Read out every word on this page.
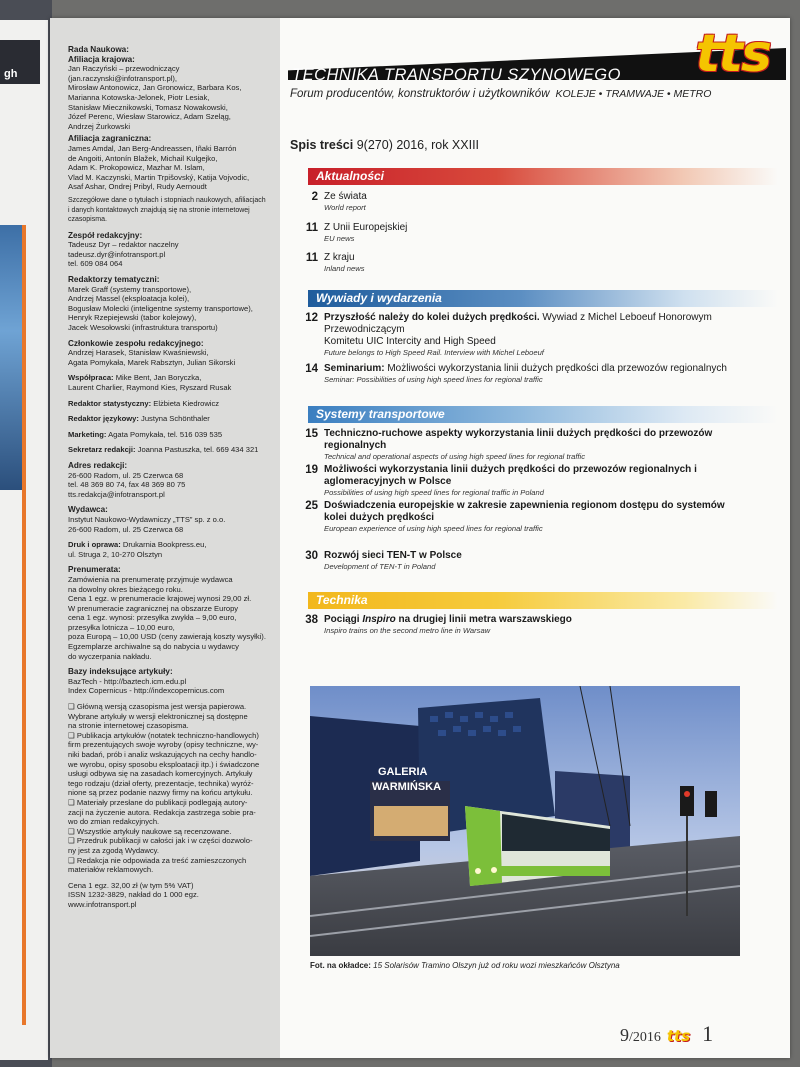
gh
Rada Naukowa:
Afiliacja krajowa:
Jan Raczyński – przewodniczący
(jan.raczynski@infotransport.pl),
Mirosław Antonowicz, Jan Gronowicz, Barbara Kos,
Marianna Kotowska-Jelonek, Piotr Lesiak,
Stanisław Miecznikowski, Tomasz Nowakowski,
Józef Perenc, Wiesław Starowicz, Adam Szeląg,
Andrzej Żurkowski
Afiliacja zagraniczna:
James Amdal, Jan Berg-Andreassen, Iñaki Barrón
de Angoiti, Antonín Blažek, Michail Kulgejko,
Adam K. Prokopowicz, Mazhar M. Islam,
Vlad M. Kaczynski, Martin Trpišovský, Katija Vojvodic,
Asaf Ashar, Ondrej Pribyl, Rudy Aernoudt
Szczegółowe dane o tytułach i stopniach naukowych, afiliacjach
i danych kontaktowych znajdują się na stronie internetowej
czasopisma.
Zespół redakcyjny:
Tadeusz Dyr – redaktor naczelny
tadeusz.dyr@infotransport.pl
tel. 609 084 064
Redaktorzy tematyczni:
Marek Graff (systemy transportowe),
Andrzej Massel (eksploatacja kolei),
Bogusław Molecki (inteligentne systemy transportowe),
Henryk Rzepiejewski (tabor kolejowy),
Jacek Wesołowski (infrastruktura transportu)
Członkowie zespołu redakcyjnego:
Andrzej Harasek, Stanisław Kwaśniewski,
Agata Pomykała, Marek Rabsztyn, Julian Sikorski
Współpraca: Mike Bent, Jan Boryczka,
Laurent Charlier, Raymond Kies, Ryszard Rusak
Redaktor statystyczny: Elżbieta Kiedrowicz
Redaktor językowy: Justyna Schönthaler
Marketing: Agata Pomykała, tel. 516 039 535
Sekretarz redakcji: Joanna Pastuszka, tel. 669 434 321
Adres redakcji:
26-600 Radom, ul. 25 Czerwca 68
tel. 48 369 80 74, fax 48 369 80 75
tts.redakcja@infotransport.pl
Wydawca:
Instytut Naukowo-Wydawniczy „TTS” sp. z o.o.
26-600 Radom, ul. 25 Czerwca 68
Druk i oprawa: Drukarnia Bookpress.eu,
ul. Struga 2, 10-270 Olsztyn
Prenumerata:
Zamówienia na prenumeratę przyjmuje wydawca
na dowolny okres bieżącego roku.
Cena 1 egz. w prenumeracie krajowej wynosi 29,00 zł.
W prenumeracie zagranicznej na obszarze Europy
cena 1 egz. wynosi: przesyłka zwykła – 9,00 euro,
przesyłka lotnicza – 10,00 euro,
poza Europą – 10,00 USD (ceny zawierają koszty wysyłki).
Egzemplarze archiwalne są do nabycia u wydawcy
do wyczerpania nakładu.
Bazy indeksujące artykuły:
BazTech - http://baztech.icm.edu.pl
Index Copernicus - http://indexcopernicus.com
❑ Główną wersją czasopisma jest wersja papierowa.
Wybrane artykuły w wersji elektronicznej są dostępne
na stronie internetowej czasopisma.
❑ Publikacja artykułów (notatek techniczno-handlowych)
firm prezentujących swoje wyroby (opisy techniczne, wy-
niki badań, prób i analiz wskazujących na cechy handlo-
we wyrobu, opisy sposobu eksploatacji itp.) i świadczone
usługi odbywa się na zasadach komercyjnych. Artykuły
tego rodzaju (dział oferty, prezentacje, technika) wyróż-
nione są przez podanie nazwy firmy na końcu artykułu.
❑ Materiały przesłane do publikacji podlegają autory-
zacji na życzenie autora. Redakcja zastrzega sobie pra-
wo do zmian redakcyjnych.
❑ Wszystkie artykuły naukowe są recenzowane.
❑ Przedruk publikacji w całości jak i w części dozwolo-
ny jest za zgodą Wydawcy.
❑ Redakcja nie odpowiada za treść zamieszczonych
materiałów reklamowych.
Cena 1 egz. 32,00 zł (w tym 5% VAT)
ISSN 1232-3829, nakład do 1 000 egz.
www.infotransport.pl
TECHNIKA TRANSPORTU SZYNOWEGO tts
Forum producentów, konstruktorów i użytkowników KOLEJE • TRAMWAJE • METRO
Spis treści 9(270) 2016, rok XXIII
Aktualności
2 Ze świata
World report
11 Z Unii Europejskiej
EU news
11 Z kraju
Inland news
Wywiady i wydarzenia
12 Przyszłość należy do kolei dużych prędkości. Wywiad z Michel Leboeuf Honorowym Przewodniczącym
Komitetu UIC Intercity and High Speed
Future belongs to High Speed Rail. Interview with Michel Leboeuf
14 Seminarium: Możliwości wykorzystania linii dużych prędkości dla przewozów regionalnych
Seminar: Possibilities of using high speed lines for regional traffic
Systemy transportowe
15 Techniczno-ruchowe aspekty wykorzystania linii dużych prędkości do przewozów regionalnych
Technical and operational aspects of using high speed lines for regional traffic
19 Możliwości wykorzystania linii dużych prędkości do przewozów regionalnych i aglomeracyjnych w Polsce
Possibilities of using high speed lines for regional traffic in Poland
25 Doświadczenia europejskie w zakresie zapewnienia regionom dostępu do systemów
kolei dużych prędkości
European experience of using high speed lines for regional traffic
30 Rozwój sieci TEN-T w Polsce
Development of TEN-T in Poland
Technika
38 Pociągi Inspiro na drugiej linii metra warszawskiego
Inspiro trains on the second metro line in Warsaw
GALERIA
WARMIŃSKA
Fot. na okładce: 15 Solarisów Tramino Olszyn już od roku wozi mieszkańców Olsztyna
9/2016 tts 1
